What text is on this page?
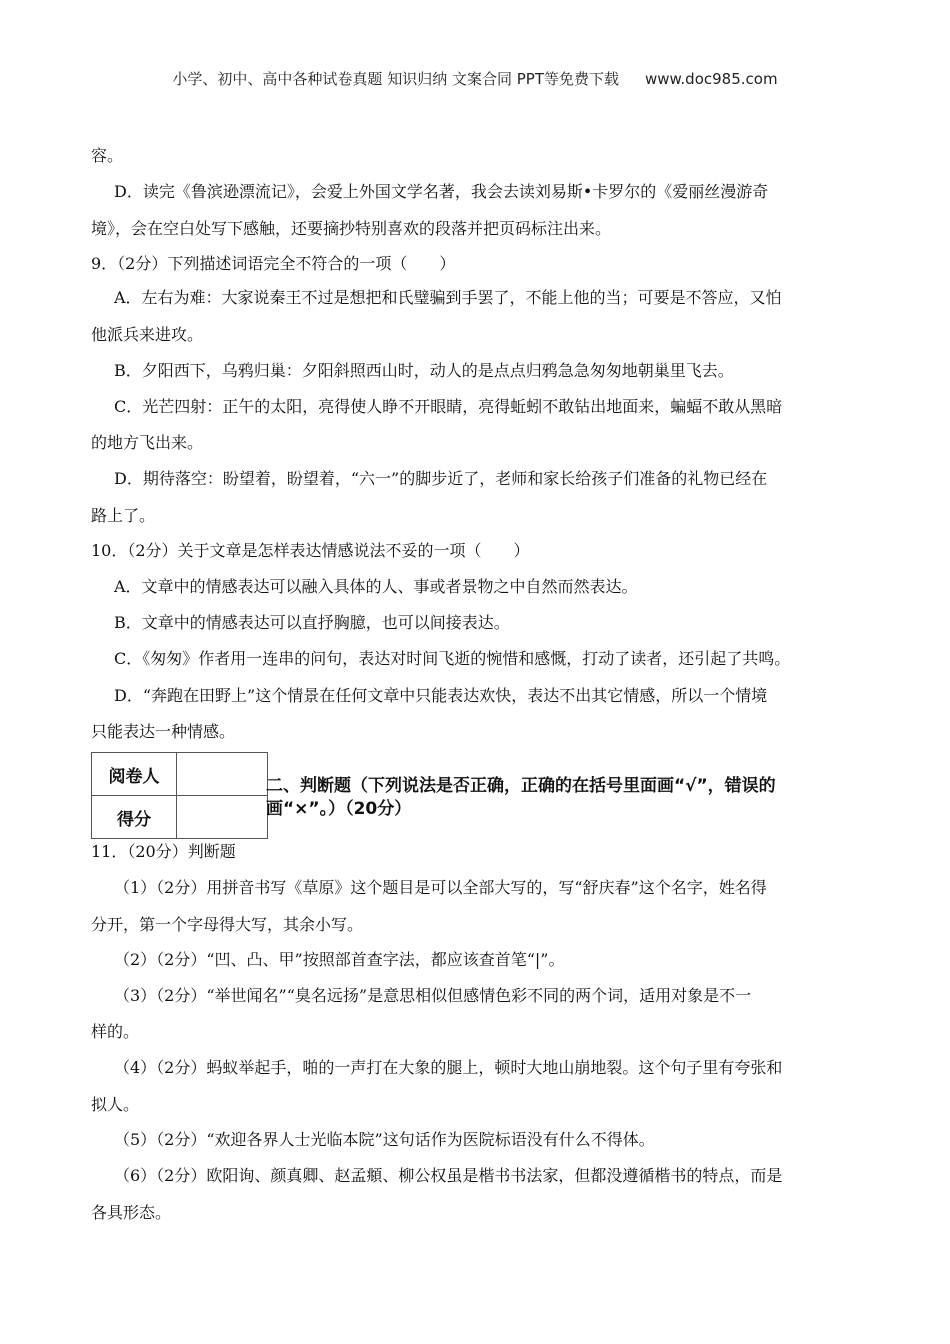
小学、初中、高中各种试卷真题 知识归纳 文案合同 PPT等免费下载 www.doc985.com
容。
D．读完《鲁滨逊漂流记》，会爱上外国文学名著，我会去读刘易斯•卡罗尔的《爱丽丝漫游奇
境》，会在空白处写下感触，还要摘抄特别喜欢的段落并把页码标注出来。
9．（2分）下列描述词语完全不符合的一项（　　）
A．左右为难：大家说秦王不过是想把和氏璧骗到手罢了，不能上他的当；可要是不答应，又怕
他派兵来进攻。
B．夕阳西下，乌鸦归巢：夕阳斜照西山时，动人的是点点归鸦急急匆匆地朝巢里飞去。
C．光芒四射：正午的太阳，亮得使人睁不开眼睛，亮得蚯蚓不敢钻出地面来，蝙蝠不敢从黑暗
的地方飞出来。
D．期待落空：盼望着，盼望着，“六一”的脚步近了，老师和家长给孩子们准备的礼物已经在
路上了。
10．（2分）关于文章是怎样表达情感说法不妥的一项（　　）
A．文章中的情感表达可以融入具体的人、事或者景物之中自然而然表达。
B．文章中的情感表达可以直抒胸臆，也可以间接表达。
C．《匆匆》作者用一连串的问句，表达对时间飞逝的惋惜和感慨，打动了读者，还引起了共鸣。
D．“奔跑在田野上”这个情景在任何文章中只能表达欢快，表达不出其它情感，所以一个情境
只能表达一种情感。
阅卷人	
得分	
二、判断题（下列说法是否正确，正确的在括号里面画“√”，错误的
画“×”。）（20分）
11．（20分）判断题
（1）（2分）用拼音书写《草原》这个题目是可以全部大写的，写“舒庆春”这个名字，姓名得
分开，第一个字母得大写，其余小写。
（2）（2分）“凹、凸、甲”按照部首查字法，都应该查首笔“|”。
（3）（2分）“举世闻名”“臭名远扬”是意思相似但感情色彩不同的两个词，适用对象是不一
样的。
（4）（2分）蚂蚁举起手，啪的一声打在大象的腿上，顿时大地山崩地裂。这个句子里有夸张和
拟人。
（5）（2分）“欢迎各界人士光临本院”这句话作为医院标语没有什么不得体。
（6）（2分）欧阳询、颜真卿、赵孟頫、柳公权虽是楷书书法家，但都没遵循楷书的特点，而是
各具形态。
